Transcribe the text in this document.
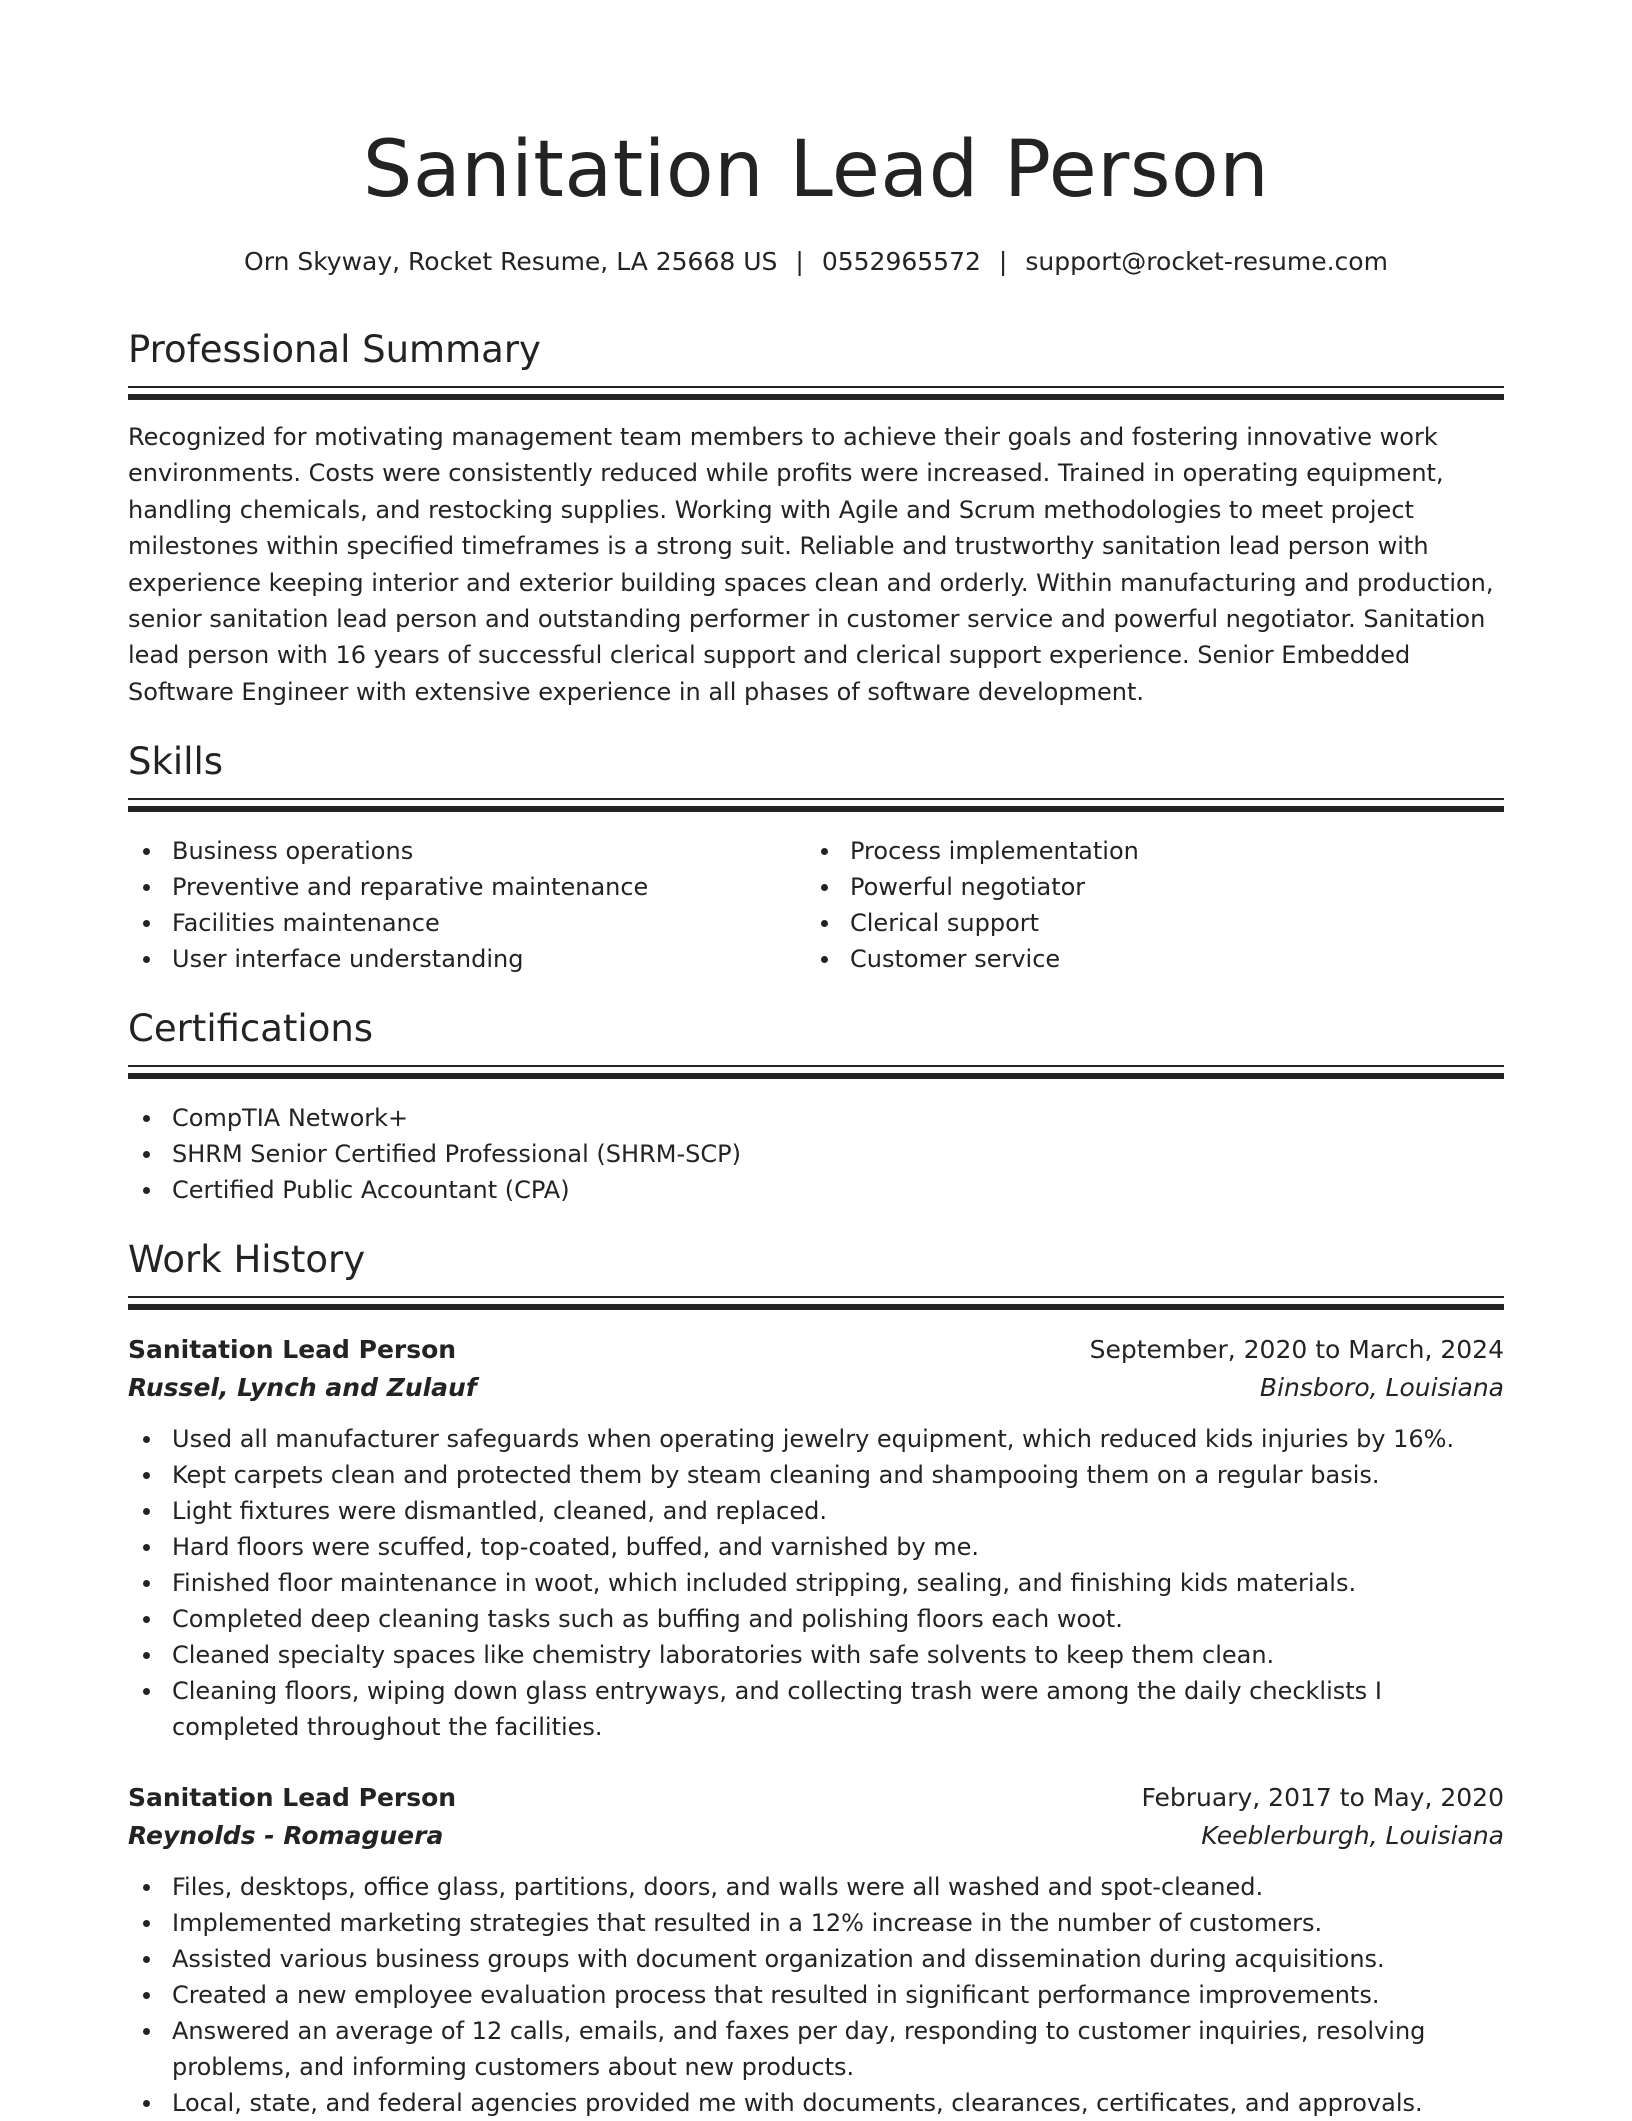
Sanitation Lead Person
Orn Skyway, Rocket Resume, LA 25668 US | 0552965572 | support@rocket-resume.com
Professional Summary

Recognized for motivating management team members to achieve their goals and fostering innovative work environments. Costs were consistently reduced while profits were increased. Trained in operating equipment, handling chemicals, and restocking supplies. Working with Agile and Scrum methodologies to meet project milestones within specified timeframes is a strong suit. Reliable and trustworthy sanitation lead person with experience keeping interior and exterior building spaces clean and orderly. Within manufacturing and production, senior sanitation lead person and outstanding performer in customer service and powerful negotiator. Sanitation lead person with 16 years of successful clerical support and clerical support experience. Senior Embedded Software Engineer with extensive experience in all phases of software development.

Skills
Business operations
Preventive and reparative maintenance
Facilities maintenance
User interface understanding
Process implementation
Powerful negotiator
Clerical support
Customer service
Certifications
CompTIA Network+
SHRM Senior Certified Professional (SHRM-SCP)
Certified Public Accountant (CPA)
Work History
Sanitation Lead Person	September, 2020 to March, 2024
Russel, Lynch and Zulauf	Binsboro, Louisiana
Used all manufacturer safeguards when operating jewelry equipment, which reduced kids injuries by 16%.
Kept carpets clean and protected them by steam cleaning and shampooing them on a regular basis.
Light fixtures were dismantled, cleaned, and replaced.
Hard floors were scuffed, top-coated, buffed, and varnished by me.
Finished floor maintenance in woot, which included stripping, sealing, and finishing kids materials.
Completed deep cleaning tasks such as buffing and polishing floors each woot.
Cleaned specialty spaces like chemistry laboratories with safe solvents to keep them clean.
Cleaning floors, wiping down glass entryways, and collecting trash were among the daily checklists I completed throughout the facilities.
Sanitation Lead Person	February, 2017 to May, 2020
Reynolds - Romaguera	Keeblerburgh, Louisiana
Files, desktops, office glass, partitions, doors, and walls were all washed and spot-cleaned.
Implemented marketing strategies that resulted in a 12% increase in the number of customers.
Assisted various business groups with document organization and dissemination during acquisitions.
Created a new employee evaluation process that resulted in significant performance improvements.
Answered an average of 12 calls, emails, and faxes per day, responding to customer inquiries, resolving problems, and informing customers about new products.
Local, state, and federal agencies provided me with documents, clearances, certificates, and approvals.
